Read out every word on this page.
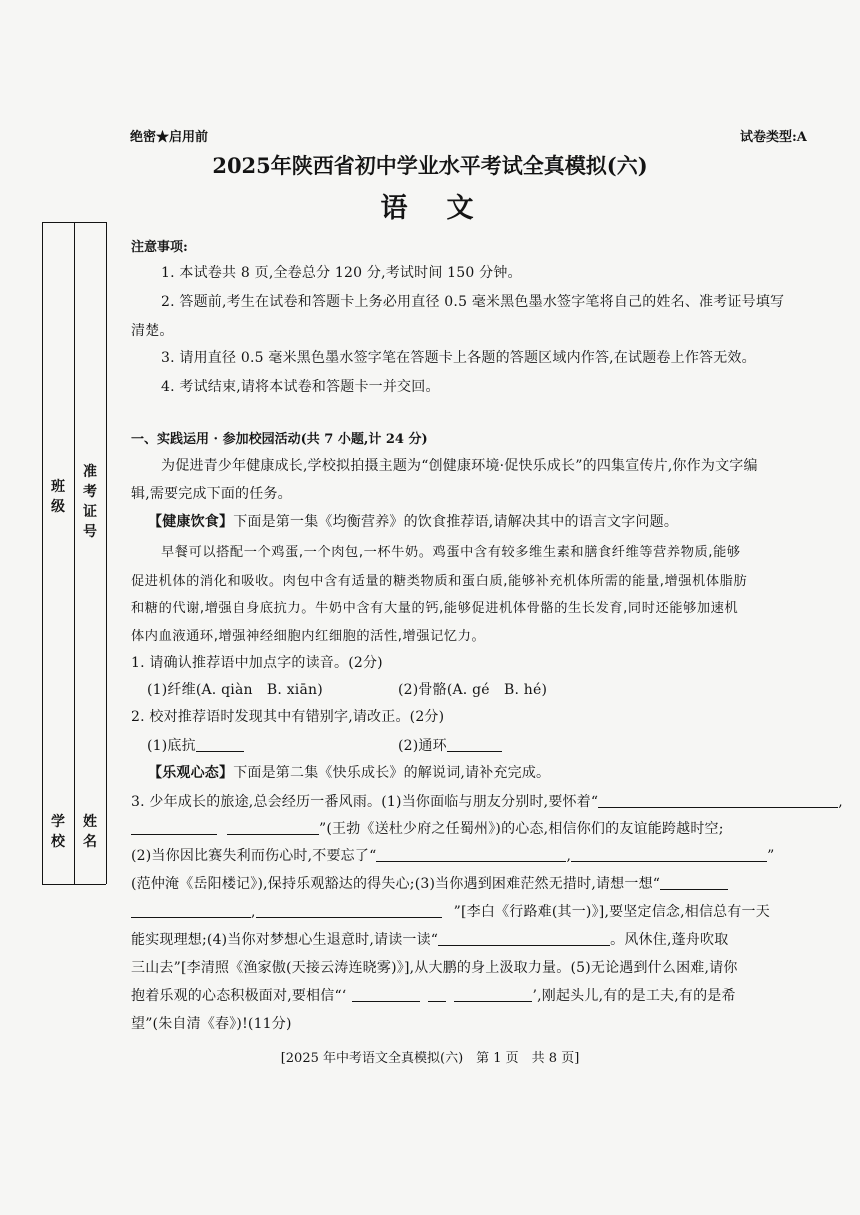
绝密★启用前	试卷类型:A
2025年陕西省初中学业水平考试全真模拟(六)
语　文
班级
准考证号
学校
姓名
注意事项:
1. 本试卷共 8 页,全卷总分 120 分,考试时间 150 分钟。
2. 答题前,考生在试卷和答题卡上务必用直径 0.5 毫米黑色墨水签字笔将自己的姓名、准考证号填写
清楚。
3. 请用直径 0.5 毫米黑色墨水签字笔在答题卡上各题的答题区域内作答,在试题卷上作答无效。
4. 考试结束,请将本试卷和答题卡一并交回。
一、实践运用 · 参加校园活动(共 7 小题,计 24 分)
为促进青少年健康成长,学校拟拍摄主题为“创健康环境·促快乐成长”的四集宣传片,你作为文字编
辑,需要完成下面的任务。
【健康饮食】下面是第一集《均衡营养》的饮食推荐语,请解决其中的语言文字问题。
早餐可以搭配一个鸡蛋,一个肉包,一杯牛奶。鸡蛋中含有较多维生素和膳食纤维等营养物质,能够
促进机体的消化和吸收。肉包中含有适量的糖类物质和蛋白质,能够补充机体所需的能量,增强机体脂肪
和糖的代谢,增强自身底抗力。牛奶中含有大量的钙,能够促进机体骨骼的生长发育,同时还能够加速机
体内血液通环,增强神经细胞内红细胞的活性,增强记忆力。
1. 请确认推荐语中加点字的读音。(2分)
(1)纤维(A. qiàn　B. xiān)	(2)骨骼(A. gé　B. hé)
2. 校对推荐语时发现其中有错别字,请改正。(2分)
(1)底抗	(2)通环
【乐观心态】下面是第二集《快乐成长》的解说词,请补充完成。
3. 少年成长的旅途,总会经历一番风雨。(1)当你面临与朋友分别时,要怀着“	,
”(王勃《送杜少府之任蜀州》)的心态,相信你们的友谊能跨越时空;
(2)当你因比赛失利而伤心时,不要忘了“	,	”
(范仲淹《岳阳楼记》),保持乐观豁达的得失心;(3)当你遇到困难茫然无措时,请想一想“
,	”[李白《行路难(其一)》],要坚定信念,相信总有一天
能实现理想;(4)当你对梦想心生退意时,请读一读“	。风休住,蓬舟吹取
三山去”[李清照《渔家傲(天接云涛连晓雾)》],从大鹏的身上汲取力量。(5)无论遇到什么困难,请你
抱着乐观的心态积极面对,要相信“‘	’,刚起头儿,有的是工夫,有的是希
望”(朱自清《春》)!(11分)
[2025 年中考语文全真模拟(六)　第 1 页　共 8 页]
